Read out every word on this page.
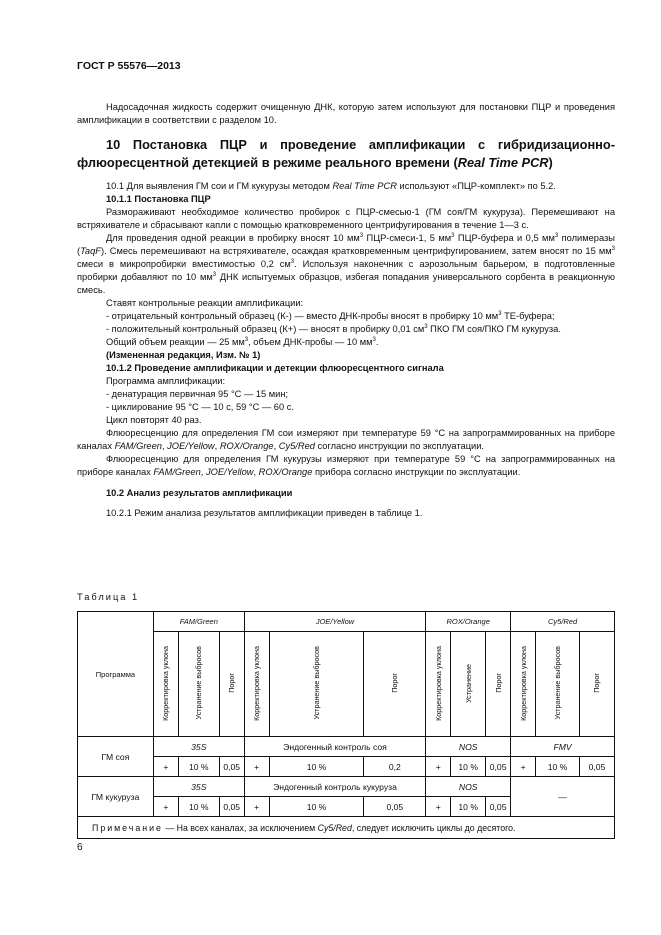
ГОСТ Р 55576—2013

Надосадочная жидкость содержит очищенную ДНК, которую затем используют для постановки ПЦР и проведения амплификации в соответствии с разделом 10.

10 Постановка ПЦР и проведение амплификации с гибридизационно-флюоресцентной детекцией в режиме реального времени (Real Time PCR)

10.1 Для выявления ГМ сои и ГМ кукурузы методом Real Time PCR используют «ПЦР-комплект» по 5.2.

10.1.1 Постановка ПЦР

Размораживают необходимое количество пробирок с ПЦР-смесью-1 (ГМ соя/ГМ кукуруза). Перемешивают на встряхивателе и сбрасывают капли с помощью кратковременного центрифугирования в течение 1—3 с.

Для проведения одной реакции в пробирку вносят 10 $мм^3$ ПЦР-смеси-1, 5 $мм^3$ ПЦР-буфера и 0,5 $мм^3$ полимеразы (TaqF). Смесь перемешивают на встряхивателе, осаждая кратковременным центрифугированием, затем вносят по 15 $мм^3$ смеси в микропробирки вместимостью 0,2 $см^3$. Используя наконечник с аэрозольным барьером, в подготовленные пробирки добавляют по 10 $мм^3$ ДНК испытуемых образцов, избегая попадания универсального сорбента в реакционную смесь.

Ставят контрольные реакции амплификации:

- отрицательный контрольный образец (К-) — вместо ДНК-пробы вносят в пробирку 10 $мм^3$ ТЕ-буфера;

- положительный контрольный образец (К+) — вносят в пробирку 0,01 $см^3$ ПКО ГМ соя/ПКО ГМ кукуруза.

Общий объем реакции — 25 $мм^3$, объем ДНК-пробы — 10 $мм^3$.

(Измененная редакция, Изм. № 1)

10.1.2 Проведение амплификации и детекции флюоресцентного сигнала

Программа амплификации:

- денатурация первичная 95 °С — 15 мин;

- циклирование 95 °С — 10 с, 59 °С — 60 с.

Цикл повторят 40 раз.

Флюоресценцию для определения ГМ сои измеряют при температуре 59 °С на запрограммированных на приборе каналах FAM/Green, JOE/Yellow, ROX/Orange, Cy5/Red согласно инструкции по эксплуатации.

Флюоресценцию для определения ГМ кукурузы измеряют при температуре 59 °С на запрограммированных на приборе каналах FAM/Green, JOE/Yellow, ROX/Orange прибора согласно инструкции по эксплуатации.

10.2 Анализ результатов амплификации

10.2.1 Режим анализа результатов амплификации приведен в таблице 1.

Таблица 1
Программа	FAM/Green			JOE/Yellow			ROX/Orange			Cy5/Red		
	Корректировка уклона	Устранение выбросов	Порог	Корректировка уклона	Устранение выбросов	Порог	Корректировка уклона	Устранение	Порог	Корректировка уклона	Устранение выбросов	Порог
ГМ соя	35S			Эндогенный контроль соя			NOS			FMV		
	+	10 %	0,05	+	10 %	0,2	+	10 %	0,05	+	10 %	0,05
ГМ кукуруза	35S			Эндогенный контроль кукуруза			NOS			—		
	+	10 %	0,05	+	10 %	0,05	+	10 %	0,05			
Примечание — На всех каналах, за исключением Cy5/Red, следует исключить циклы до десятого.												
6
